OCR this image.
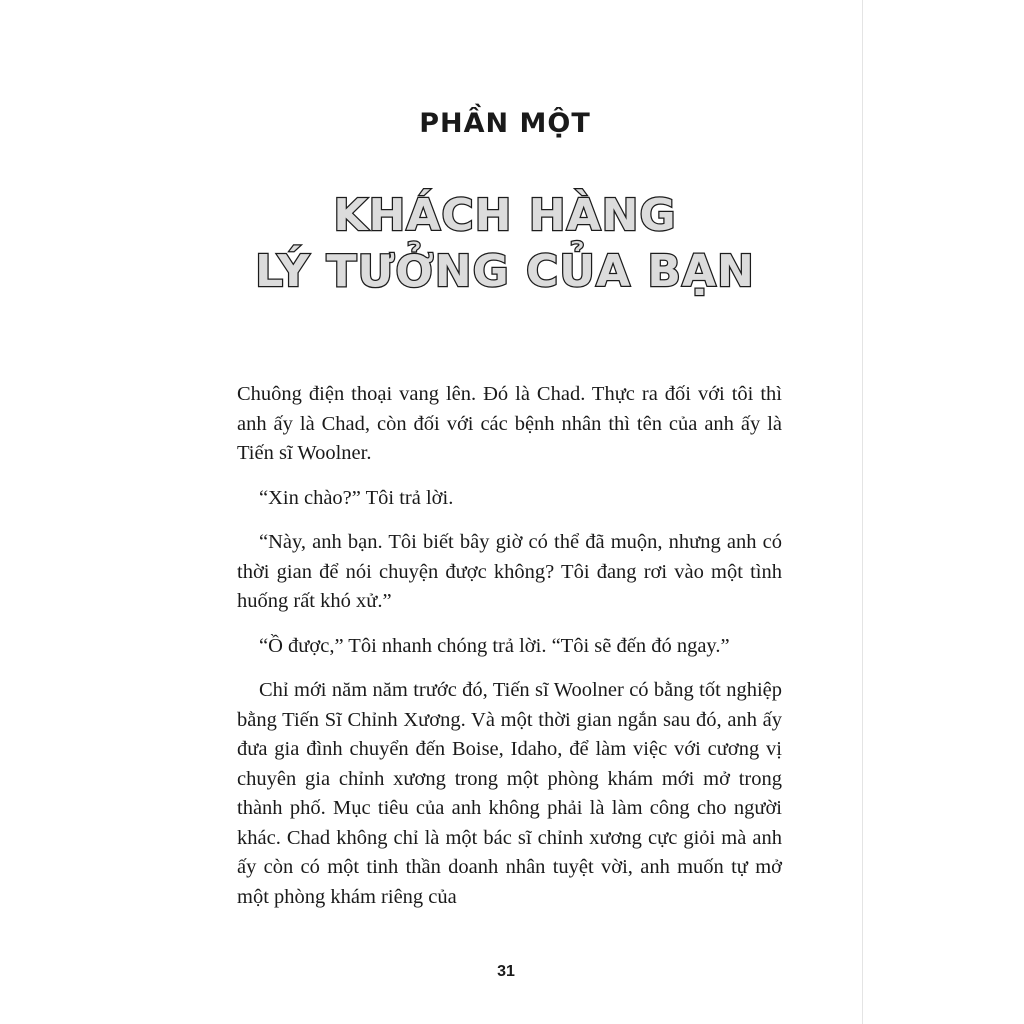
PHẦN MỘT
KHÁCH HÀNG
LÝ TƯỞNG CỦA BẠN

Chuông điện thoại vang lên. Đó là Chad. Thực ra đối với tôi thì anh ấy là Chad, còn đối với các bệnh nhân thì tên của anh ấy là Tiến sĩ Woolner.

“Xin chào?” Tôi trả lời.

“Này, anh bạn. Tôi biết bây giờ có thể đã muộn, nhưng anh có thời gian để nói chuyện được không? Tôi đang rơi vào một tình huống rất khó xử.”

“Ồ được,” Tôi nhanh chóng trả lời. “Tôi sẽ đến đó ngay.”

Chỉ mới năm năm trước đó, Tiến sĩ Woolner có bằng tốt nghiệp bằng Tiến Sĩ Chỉnh Xương. Và một thời gian ngắn sau đó, anh ấy đưa gia đình chuyển đến Boise, Idaho, để làm việc với cương vị chuyên gia chỉnh xương trong một phòng khám mới mở trong thành phố. Mục tiêu của anh không phải là làm công cho người khác. Chad không chỉ là một bác sĩ chỉnh xương cực giỏi mà anh ấy còn có một tinh thần doanh nhân tuyệt vời, anh muốn tự mở một phòng khám riêng của

31
